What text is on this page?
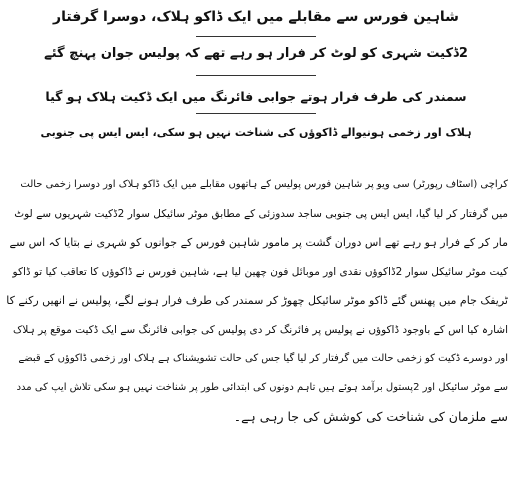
شاہین فورس سے مقابلے میں ایک ڈاکو ہلاک، دوسرا گرفتار
2ڈکیت شہری کو لوٹ کر فرار ہو رہے تھے کہ پولیس جوان پہنچ گئے
سمندر کی طرف فرار ہوتے جوابی فائرنگ میں ایک ڈکیت ہلاک ہو گیا
ہلاک اور زخمی ہونیوالے ڈاکوؤں کی شناخت نہیں ہو سکی، ایس ایس پی جنوبی
کراچی (اسٹاف رپورٹر) سی ویو پر شاہین فورس پولیس کے ہاتھوں مقابلے میں ایک ڈاکو ہلاک اور دوسرا زخمی حالت
میں گرفتار کر لیا گیا، ایس ایس پی جنوبی ساجد سدوزئی کے مطابق موٹر سائیکل سوار 2ڈکیت شہریوں سے لوٹ
مار کر کے فرار ہو رہے تھے اس دوران گشت پر مامور شاہین فورس کے جوانوں کو شہری نے بتایا کہ اس سے
کیت موٹر سائیکل سوار 2ڈاکوؤں نقدی اور موبائل فون چھین لیا ہے، شاہین فورس نے ڈاکوؤں کا تعاقب کیا تو ڈاکو
ٹریفک جام میں پھنس گئے ڈاکو موٹر سائیکل چھوڑ کر سمندر کی طرف فرار ہونے لگے، پولیس نے انھیں رکنے کا
اشارہ کیا اس کے باوجود ڈاکوؤں نے پولیس پر فائرنگ کر دی پولیس کی جوابی فائرنگ سے ایک ڈکیت موقع پر ہلاک
اور دوسرے ڈکیت کو زخمی حالت میں گرفتار کر لیا گیا جس کی حالت تشویشناک ہے ہلاک اور زخمی ڈاکوؤں کے قبضے
سے موٹر سائیکل اور 2پستول برآمد ہوئے ہیں تاہم دونوں کی ابتدائی طور پر شناخت نہیں ہو سکی تلاش ایپ کی مدد
سے ملزمان کی شناخت کی کوشش کی جا رہی ہے۔
